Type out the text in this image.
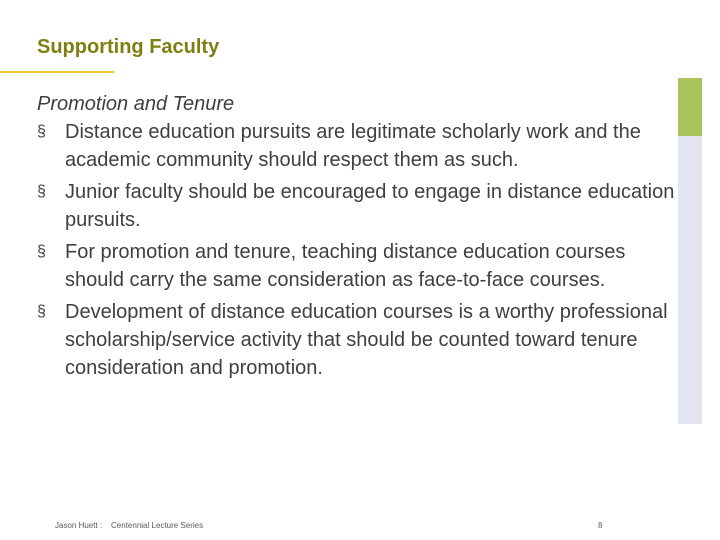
Supporting Faculty
Promotion and Tenure
§ Distance education pursuits are legitimate scholarly work and the academic community should respect them as such.
§ Junior faculty should be encouraged to engage in distance education pursuits.
§ For promotion and tenure, teaching distance education courses should carry the same consideration as face-to-face courses.
§ Development of distance education courses is a worthy professional scholarship/service activity that should be counted toward tenure consideration and promotion.
Jason Huett :    Centennial Lecture Series	8
